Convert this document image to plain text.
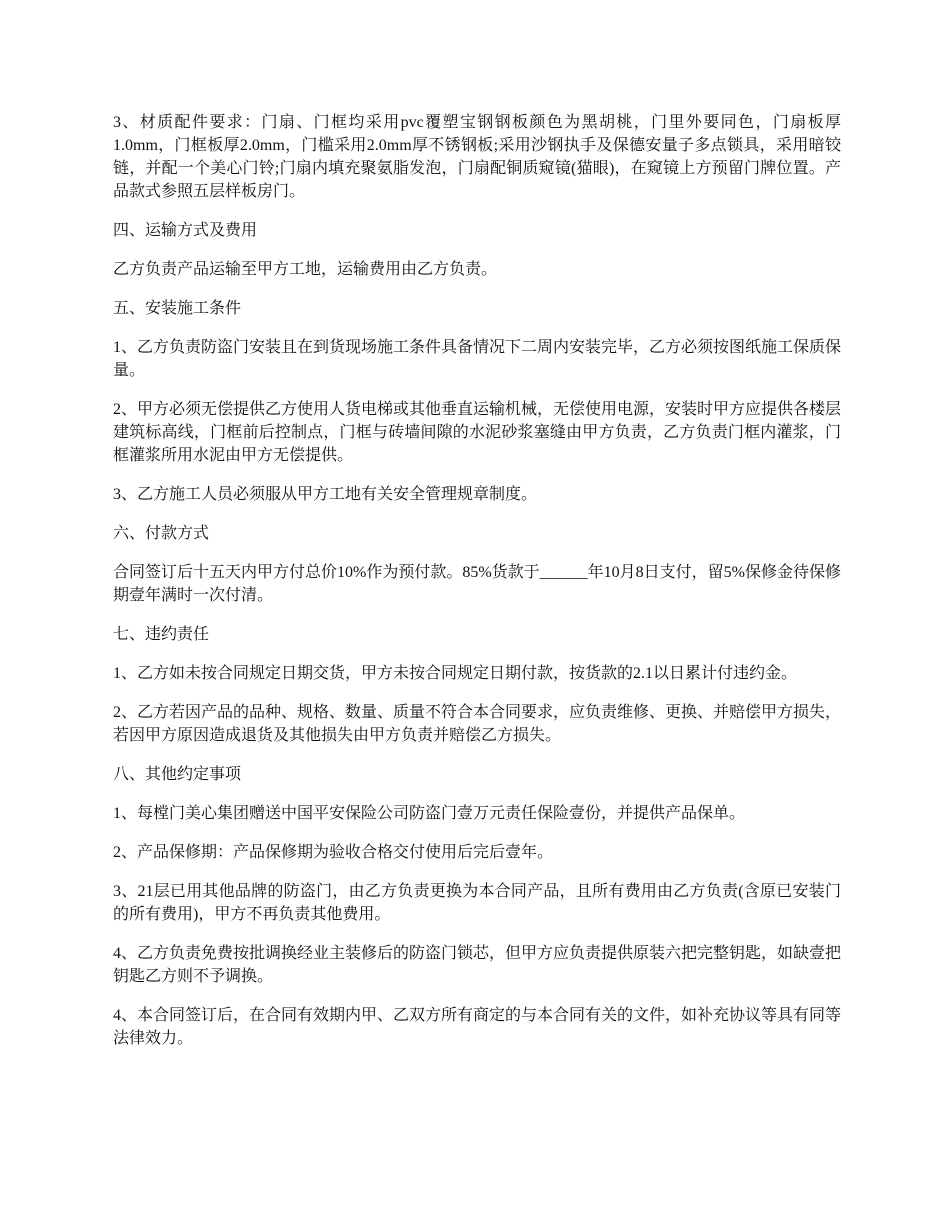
3、材质配件要求：门扇、门框均采用pvc覆塑宝钢钢板颜色为黑胡桃，门里外要同色，门扇板厚1.0mm，门框板厚2.0mm，门槛采用2.0mm厚不锈钢板;采用沙钢执手及保德安量子多点锁具，采用暗铰链，并配一个美心门铃;门扇内填充聚氨脂发泡，门扇配铜质窥镜(猫眼)，在窥镜上方预留门牌位置。产品款式参照五层样板房门。

四、运输方式及费用

乙方负责产品运输至甲方工地，运输费用由乙方负责。

五、安装施工条件

1、乙方负责防盗门安装且在到货现场施工条件具备情况下二周内安装完毕，乙方必须按图纸施工保质保量。

2、甲方必须无偿提供乙方使用人货电梯或其他垂直运输机械，无偿使用电源，安装时甲方应提供各楼层建筑标高线，门框前后控制点，门框与砖墙间隙的水泥砂浆塞缝由甲方负责，乙方负责门框内灌浆，门框灌浆所用水泥由甲方无偿提供。

3、乙方施工人员必须服从甲方工地有关安全管理规章制度。

六、付款方式

合同签订后十五天内甲方付总价10%作为预付款。85%货款于______年10月8日支付，留5%保修金待保修期壹年满时一次付清。

七、违约责任

1、乙方如未按合同规定日期交货，甲方未按合同规定日期付款，按货款的2.1以日累计付违约金。

2、乙方若因产品的品种、规格、数量、质量不符合本合同要求，应负责维修、更换、并赔偿甲方损失，若因甲方原因造成退货及其他损失由甲方负责并赔偿乙方损失。

八、其他约定事项

1、每樘门美心集团赠送中国平安保险公司防盗门壹万元责任保险壹份，并提供产品保单。

2、产品保修期：产品保修期为验收合格交付使用后完后壹年。

3、21层已用其他品牌的防盗门，由乙方负责更换为本合同产品，且所有费用由乙方负责(含原已安装门的所有费用)，甲方不再负责其他费用。

4、乙方负责免费按批调换经业主装修后的防盗门锁芯，但甲方应负责提供原装六把完整钥匙，如缺壹把钥匙乙方则不予调换。

4、本合同签订后，在合同有效期内甲、乙双方所有商定的与本合同有关的文件，如补充协议等具有同等法律效力。
